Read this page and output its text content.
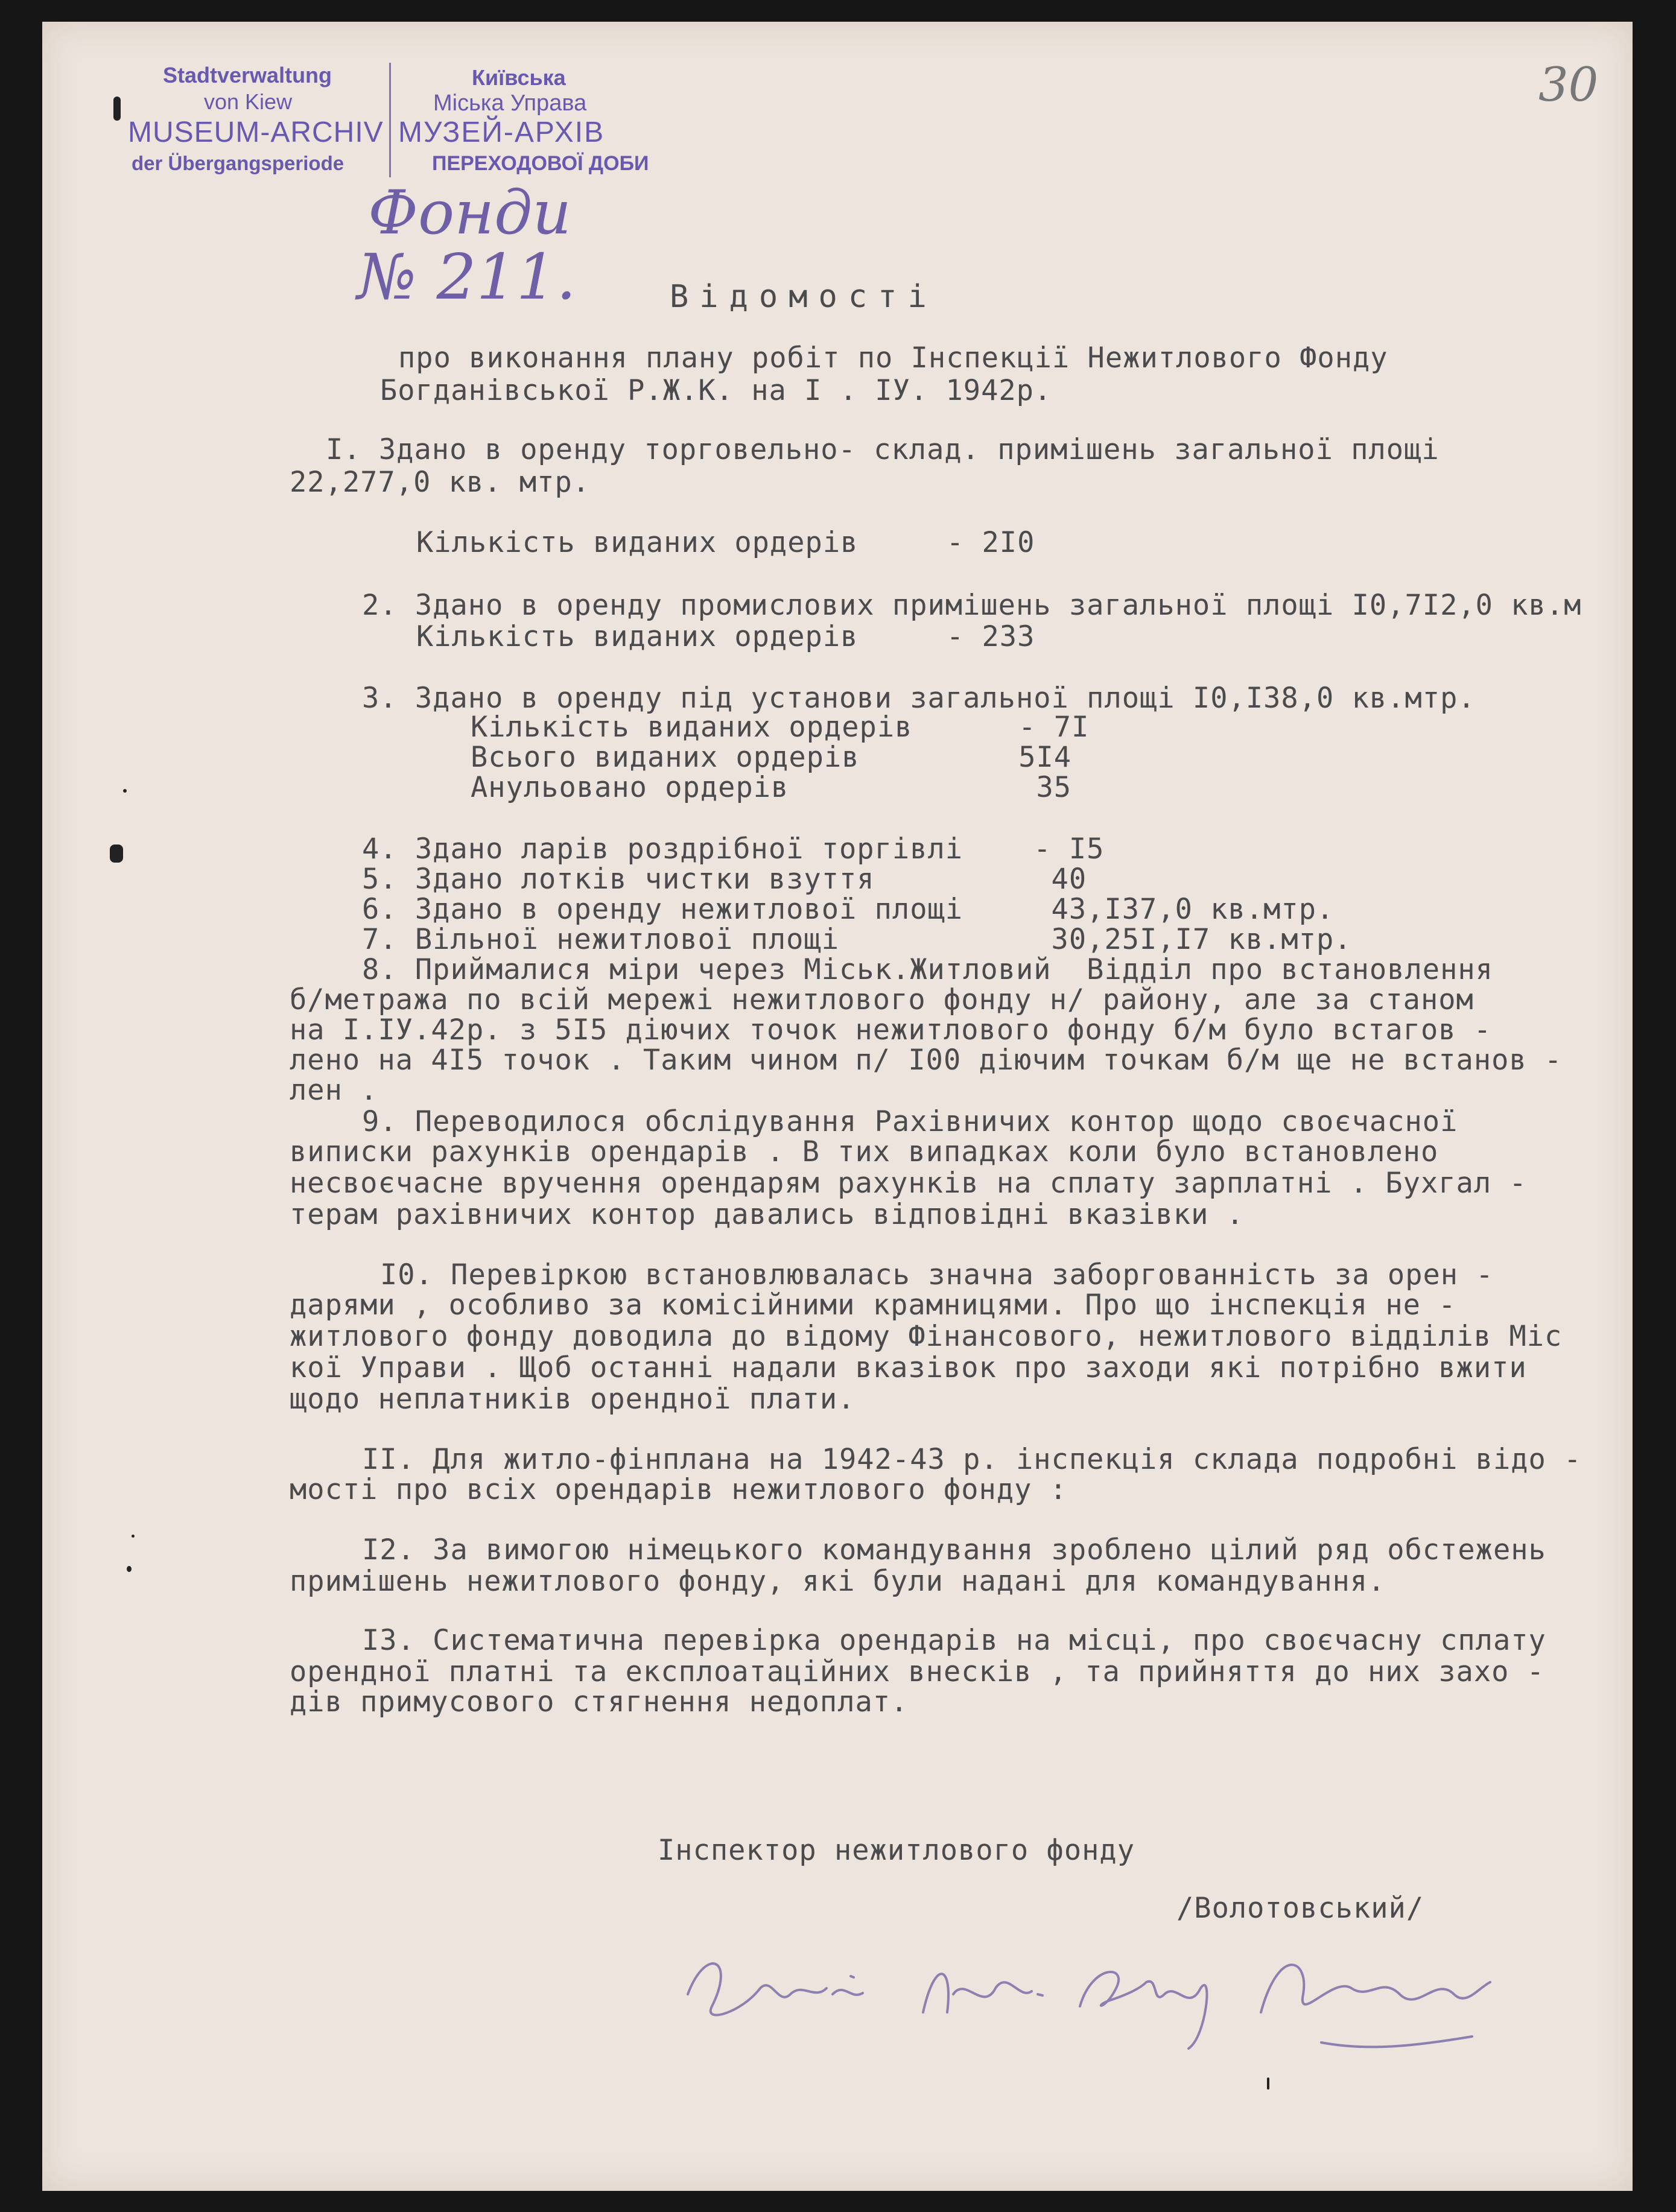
Stadtverwaltung
von Kiew
MUSEUM-ARCHIV
der Übergangsperiode
Київська
Міська Управа
МУЗЕЙ-АРХІВ
ПЕРЕХОДОВОЇ ДОБИ
30
Фонди
№ 211.	Відомості
про виконання плану робіт по Інспекції Нежитлового Фонду
Богданівської Р.Ж.К. на І . ІУ. 1942р.
I. Здано в оренду торговельно- склад. примішень загальної площі
22,277,0 кв. мтр.
Кількість виданих ордерів     - 2І0
2. Здано в оренду промислових примішень загальної площі І0,7І2,0 кв.м
Кількість виданих ордерів     - 233
3. Здано в оренду під установи загальної площі І0,І38,0 кв.мтр.
Кількість виданих ордерів      - 7І
Всього виданих ордерів         5І4
Анульовано ордерів              35
4. Здано ларів роздрібної торгівлі    - І5
5. Здано лотків чистки взуття          40
6. Здано в оренду нежитлової площі     43,І37,0 кв.мтр.
7. Вільної нежитлової площі            30,25І,І7 кв.мтр.
8. Приймалися міри через Міськ.Житловий  Відділ про встановлення
б/метража по всій мережі нежитлового фонду н/ району, але за станом
на І.ІУ.42р. з 5І5 діючих точок нежитлового фонду б/м було встагов -
лено на 4І5 точок . Таким чином п/ І00 діючим точкам б/м ще не встанов -
лен .
9. Переводилося обслідування Рахівничих контор щодо своєчасної
виписки рахунків орендарів . В тих випадках коли було встановлено
несвоєчасне вручення орендарям рахунків на сплату зарплатні . Бухгал -
терам рахівничих контор давались відповідні вказівки .
І0. Перевіркою встановлювалась значна заборгованність за орен -
дарями , особливо за комісійними крамницями. Про що інспекція не -
житлового фонду доводила до відому Фінансового, нежитлового відділів Міс
кої Управи . Щоб останні надали вказівок про заходи які потрібно вжити
щодо неплатників орендної плати.
ІІ. Для житло-фінплана на 1942-43 р. інспекція склада подробні відо -
мості про всіх орендарів нежитлового фонду :
І2. За вимогою німецького командування зроблено цілий ряд обстежень
примішень нежитлового фонду, які були надані для командування.
ІЗ. Систематична перевірка орендарів на місці, про своєчасну сплату
орендної платні та експлоатаційних внесків , та прийняття до них захо -
дів примусового стягнення недоплат.
Інспектор нежитлового фонду
/Волотовський/
